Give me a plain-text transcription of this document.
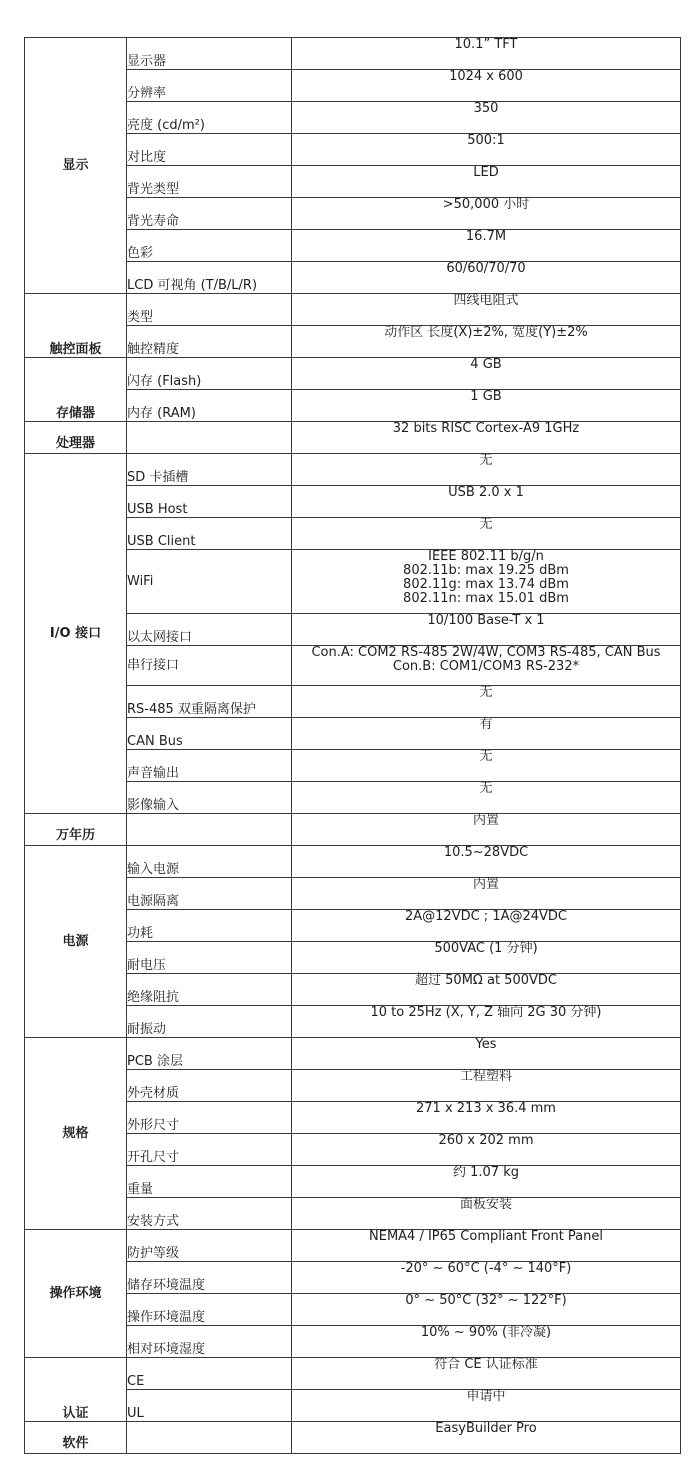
显示	显示器	10.1” TFT
	分辨率	1024 x 600
	亮度 (cd/m²)	350
	对比度	500:1
	背光类型	LED
	背光寿命	>50,000 小时
	色彩	16.7M
	LCD 可视角 (T/B/L/R)	60/60/70/70
触控面板	类型	四线电阻式
	触控精度	动作区 长度(X)±2%, 宽度(Y)±2%
存储器	闪存 (Flash)	4 GB
	内存 (RAM)	1 GB
处理器		32 bits RISC Cortex-A9 1GHz
I/O 接口	SD 卡插槽	无
	USB Host	USB 2.0 x 1
	USB Client	无
	WiFi	IEEE 802.11 b/g/n
802.11b: max 19.25 dBm
802.11g: max 13.74 dBm
802.11n: max 15.01 dBm
	以太网接口	10/100 Base-T x 1
	串行接口	Con.A: COM2 RS-485 2W/4W, COM3 RS-485, CAN Bus
Con.B: COM1/COM3 RS-232*
	RS-485 双重隔离保护	无
	CAN Bus	有
	声音输出	无
	影像输入	无
万年历		内置
电源	输入电源	10.5~28VDC
	电源隔离	内置
	功耗	2A@12VDC ; 1A@24VDC
	耐电压	500VAC (1 分钟)
	绝缘阻抗	超过 50MΩ at 500VDC
	耐振动	10 to 25Hz (X, Y, Z 轴向 2G 30 分钟)
规格	PCB 涂层	Yes
	外壳材质	工程塑料
	外形尺寸	271 x 213 x 36.4 mm
	开孔尺寸	260 x 202 mm
	重量	约 1.07 kg
	安装方式	面板安装
操作环境	防护等级	NEMA4 / IP65 Compliant Front Panel
	储存环境温度	-20° ~ 60°C (-4° ~ 140°F)
	操作环境温度	0° ~ 50°C (32° ~ 122°F)
	相对环境湿度	10% ~ 90% (非冷凝)
认证	CE	符合 CE 认证标准
	UL	申请中
软件		EasyBuilder Pro
